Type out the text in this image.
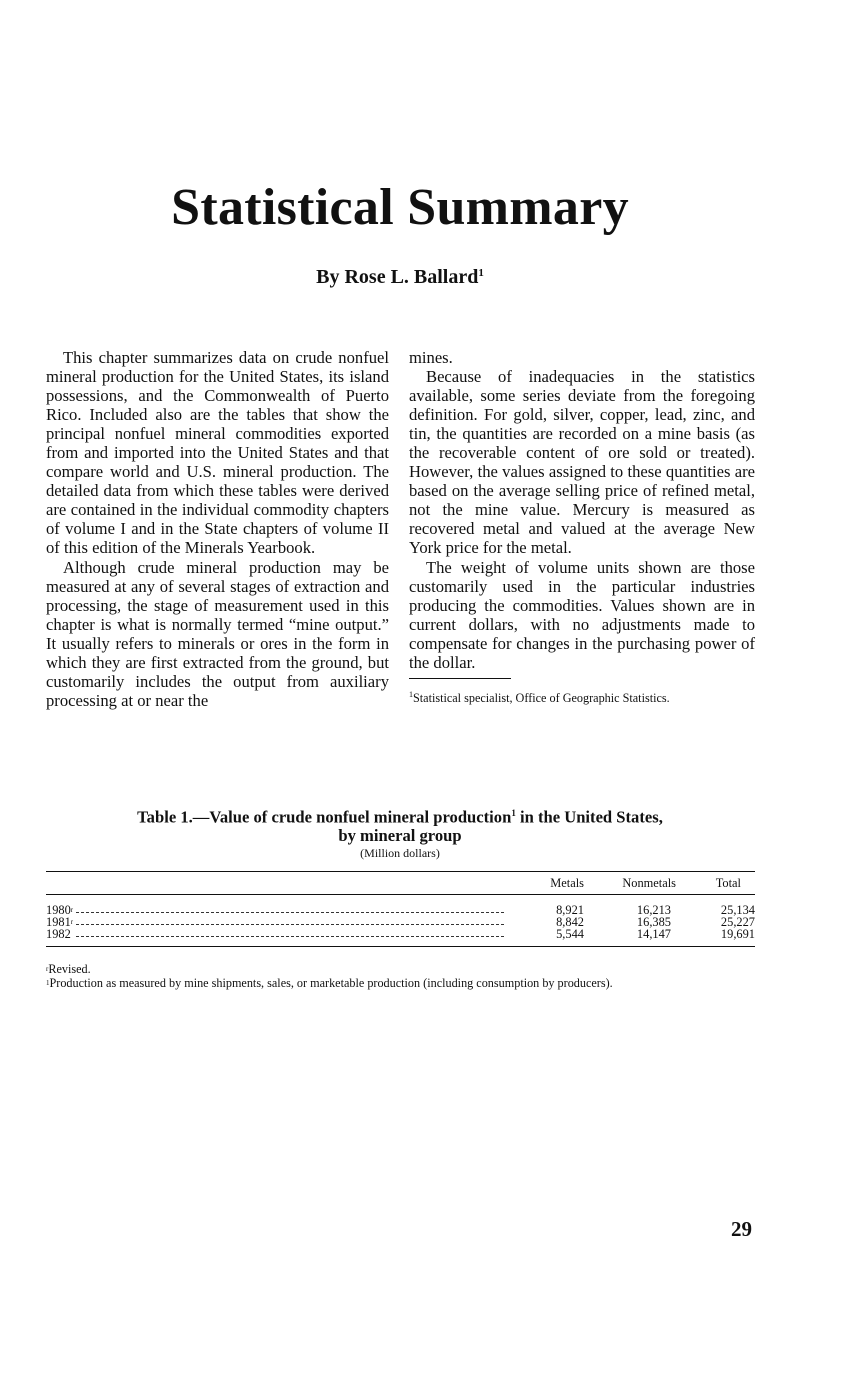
Statistical Summary
By Rose L. Ballard$^1$

This chapter summarizes data on crude nonfuel mineral production for the United States, its island possessions, and the Commonwealth of Puerto Rico. Included also are the tables that show the principal nonfuel mineral commodities exported from and imported into the United States and that compare world and U.S. mineral production. The detailed data from which these tables were derived are contained in the individual commodity chapters of volume I and in the State chapters of volume II of this edition of the Minerals Yearbook.

Although crude mineral production may be measured at any of several stages of extraction and processing, the stage of measurement used in this chapter is what is normally termed “mine output.” It usually refers to minerals or ores in the form in which they are first extracted from the ground, but customarily includes the output from auxiliary processing at or near the

mines.

Because of inadequacies in the statistics available, some series deviate from the foregoing definition. For gold, silver, copper, lead, zinc, and tin, the quantities are recorded on a mine basis (as the recoverable content of ore sold or treated). However, the values assigned to these quantities are based on the average selling price of refined metal, not the mine value. Mercury is measured as recovered metal and valued at the average New York price for the metal.

The weight of volume units shown are those customarily used in the particular industries producing the commodities. Values shown are in current dollars, with no adjustments made to compensate for changes in the purchasing power of the dollar.

$^1$Statistical specialist, Office of Geographic Statistics.
Table 1.—Value of crude nonfuel mineral production$^1$ in the United States,
by mineral group
(Million dollars)
Metals	Nonmetals	Total
1980$^r$	8,921	16,213	25,134
1981$^r$	8,842	16,385	25,227
1982	5,544	14,147	19,691
$^r$Revised.
$^1$Production as measured by mine shipments, sales, or marketable production (including consumption by producers).
29
